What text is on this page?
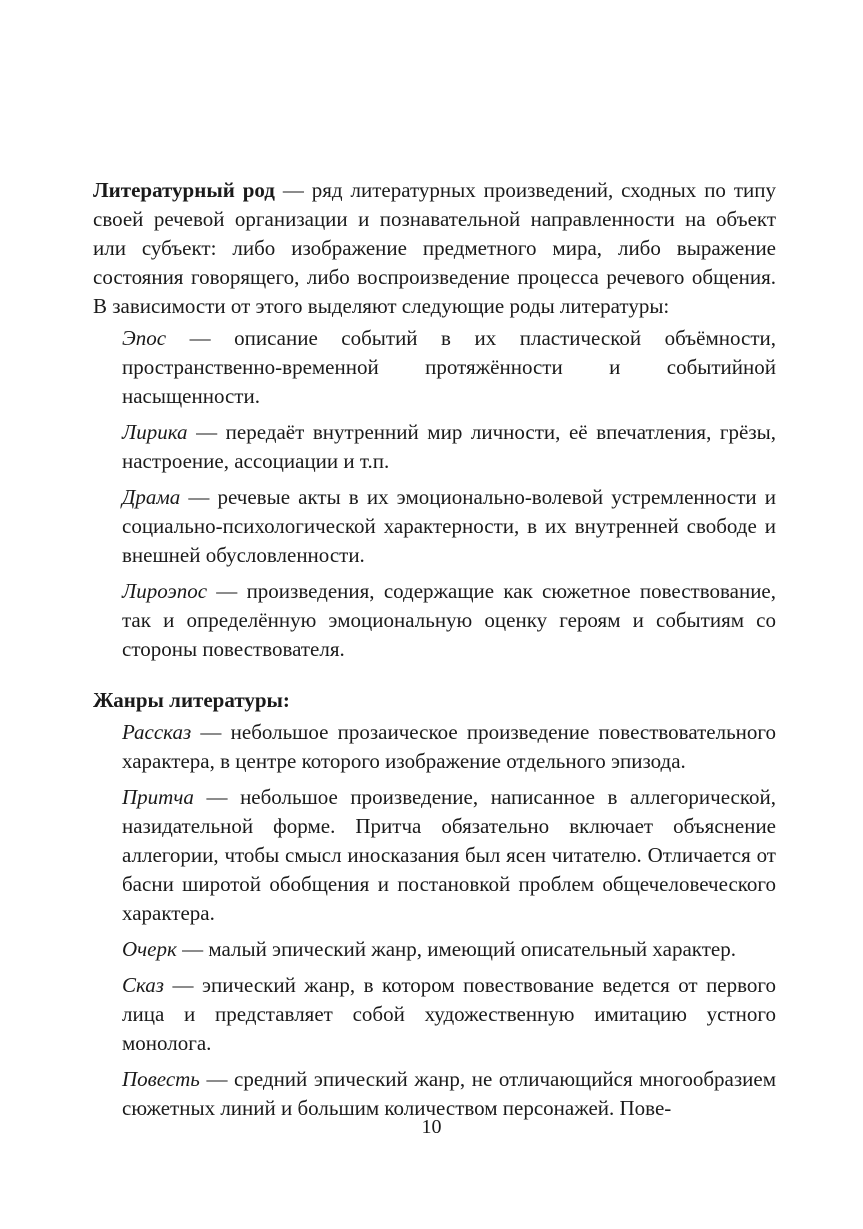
Литературный род — ряд литературных произведений, сходных по типу своей речевой организации и познавательной направленности на объект или субъект: либо изображение предметного мира, либо выражение состояния говорящего, либо воспроизведение процесса речевого общения. В зависимости от этого выделяют следующие роды литературы:

Эпос — описание событий в их пластической объёмности, пространственно-временной протяжённости и событийной насыщенности.

Лирика — передаёт внутренний мир личности, её впечатления, грёзы, настроение, ассоциации и т.п.

Драма — речевые акты в их эмоционально-волевой устремленности и социально-психологической характерности, в их внутренней свободе и внешней обусловленности.

Лироэпос — произведения, содержащие как сюжетное повествование, так и определённую эмоциональную оценку героям и событиям со стороны повествователя.

Жанры литературы:

Рассказ — небольшое прозаическое произведение повествовательного характера, в центре которого изображение отдельного эпизода.

Притча — небольшое произведение, написанное в аллегорической, назидательной форме. Притча обязательно включает объяснение аллегории, чтобы смысл иносказания был ясен читателю. Отличается от басни широтой обобщения и постановкой проблем общечеловеческого характера.

Очерк — малый эпический жанр, имеющий описательный характер.

Сказ — эпический жанр, в котором повествование ведется от первого лица и представляет собой художественную имитацию устного монолога.

Повесть — средний эпический жанр, не отличающийся многообразием сюжетных линий и большим количеством персонажей. Пове-

10
